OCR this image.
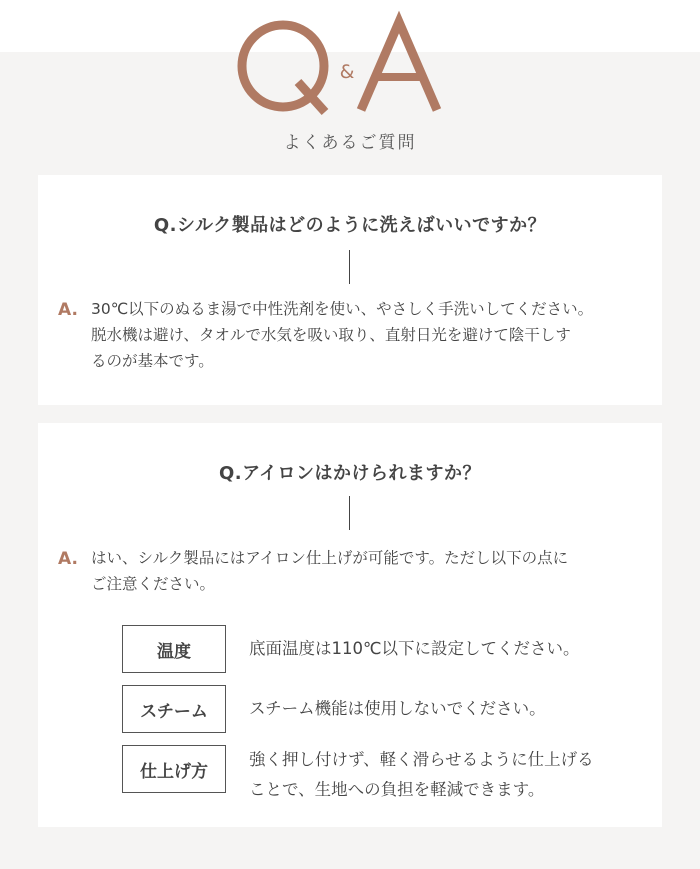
&
よくあるご質問
Q.シルク製品はどのように洗えばいいですか？
A. 30℃以下のぬるま湯で中性洗剤を使い、やさしく手洗いしてください。
脱水機は避け、タオルで水気を吸い取り、直射日光を避けて陰干しす
るのが基本です。
Q.アイロンはかけられますか？
A. はい、シルク製品にはアイロン仕上げが可能です。ただし以下の点に
ご注意ください。
温度	底面温度は110℃以下に設定してください。
スチーム	スチーム機能は使用しないでください。
仕上げ方
強く押し付けず、軽く滑らせるように仕上げる
ことで、生地への負担を軽減できます。
